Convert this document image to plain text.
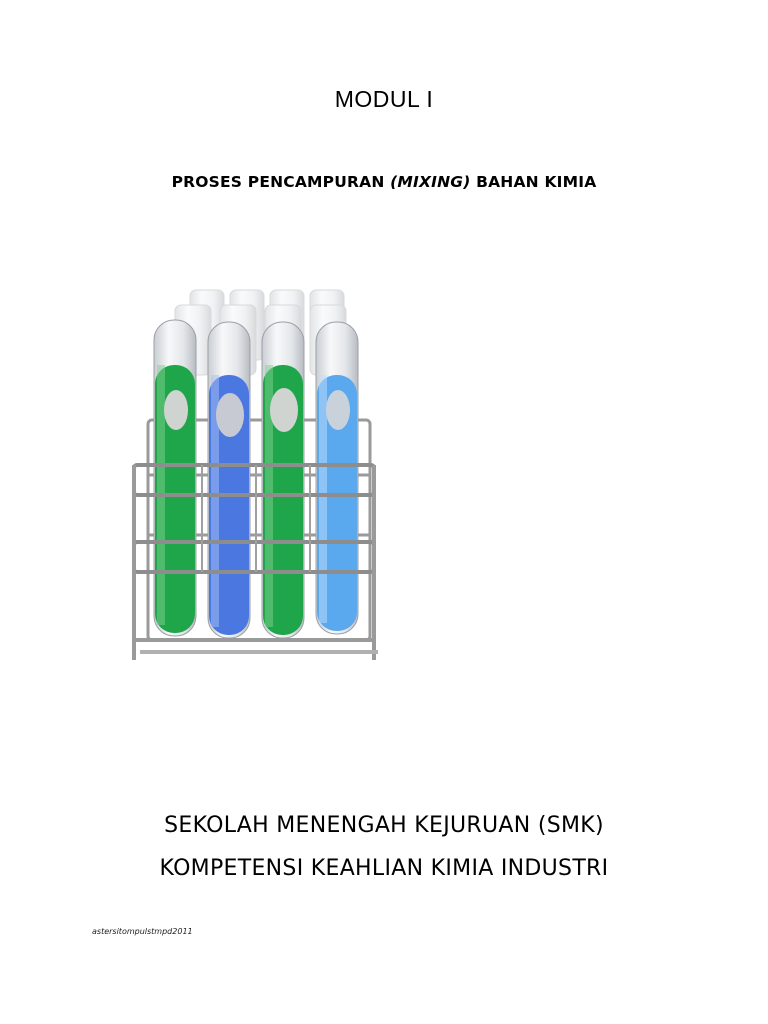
MODUL I
PROSES PENCAMPURAN (MIXING) BAHAN KIMIA
SEKOLAH MENENGAH KEJURUAN (SMK)
KOMPETENSI KEAHLIAN KIMIA INDUSTRI
astersitompulstmpd2011
